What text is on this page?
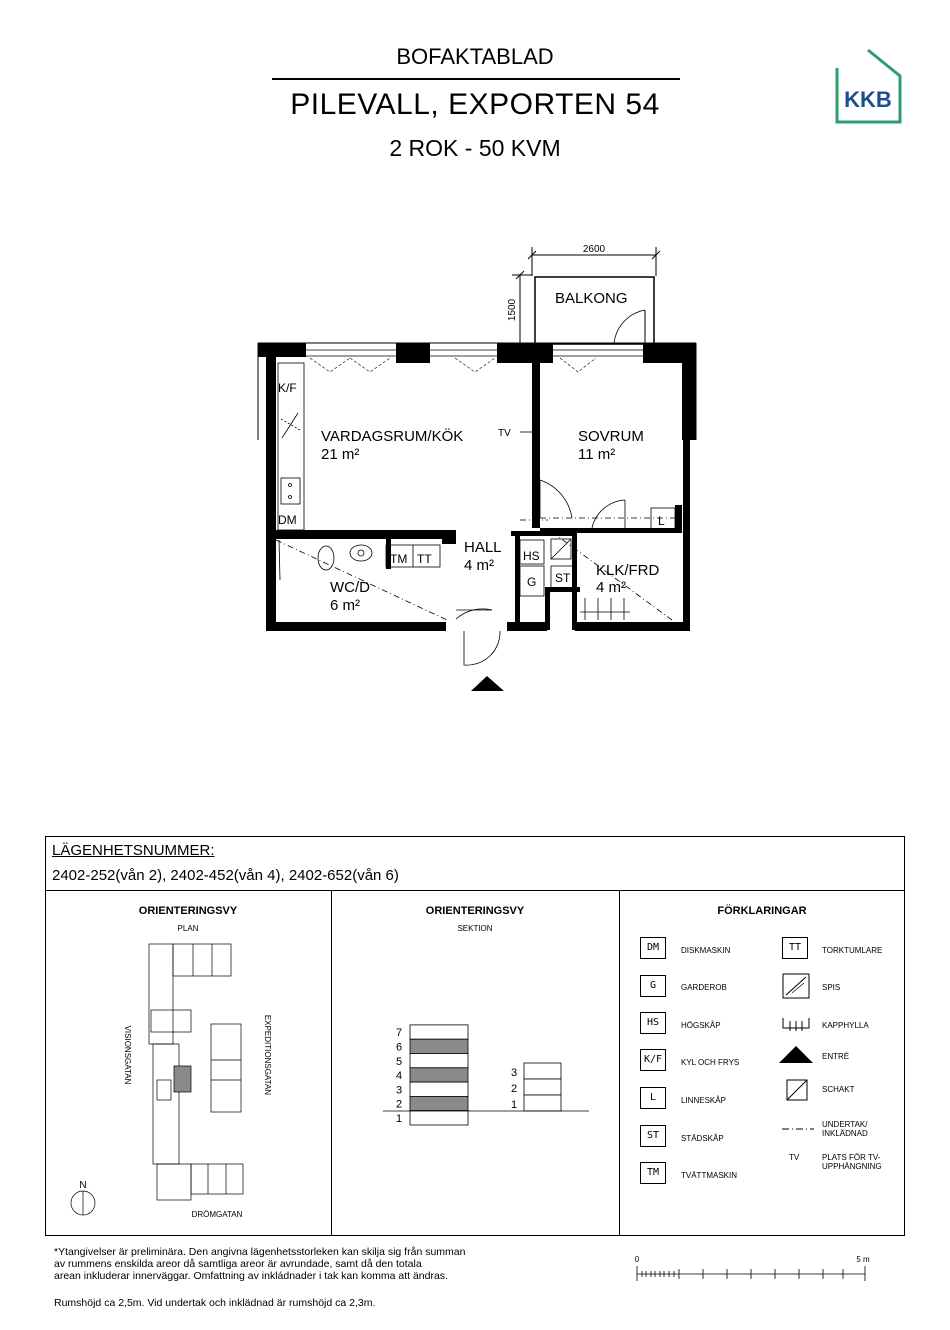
BOFAKTABLAD
PILEVALL, EXPORTEN 54
2 ROK - 50 KVM
KKB
K/F
DM
TM TT	HS
G ST
L
TV
2600
1500
BALKONG
VARDAGSRUM/KÖK
21 m²
SOVRUM
11 m²
HALL
4 m²
WC/D
6 m²
KLK/FRD
4 m²
LÄGENHETSNUMMER:
2402-252(vån 2), 2402-452(vån 4), 2402-652(vån 6)
ORIENTERINGSVY
PLAN
N
VISIONSGATAN	EXPEDITIONSGATAN
DRÖMGATAN
ORIENTERINGSVY
SEKTION
7
6
5
4
3
2
1
3
2
1
FÖRKLARINGAR
DM	DISKMASKIN
G	GARDEROB
HS	HÖGSKÅP
K/F	KYL OCH FRYS
L	LINNESKÅP
ST	STÄDSKÅP
TM	TVÄTTMASKIN
TT	TORKTUMLARE
SPIS
KAPPHYLLA
ENTRÉ
SCHAKT
UNDERTAK/
INKLÄDNAD
TV	PLATS FÖR TV-
UPPHÄNGNING
*Ytangivelser är preliminära. Den angivna lägenhetsstorleken kan skilja sig från summan
av rummens enskilda areor då samtliga areor är avrundade, samt då den totala
arean inkluderar innerväggar. Omfattning av inkládnader i tak kan komma att ändras.
Rumshöjd ca 2,5m. Vid undertak och inklädnad är rumshöjd ca 2,3m.
0	5 m
